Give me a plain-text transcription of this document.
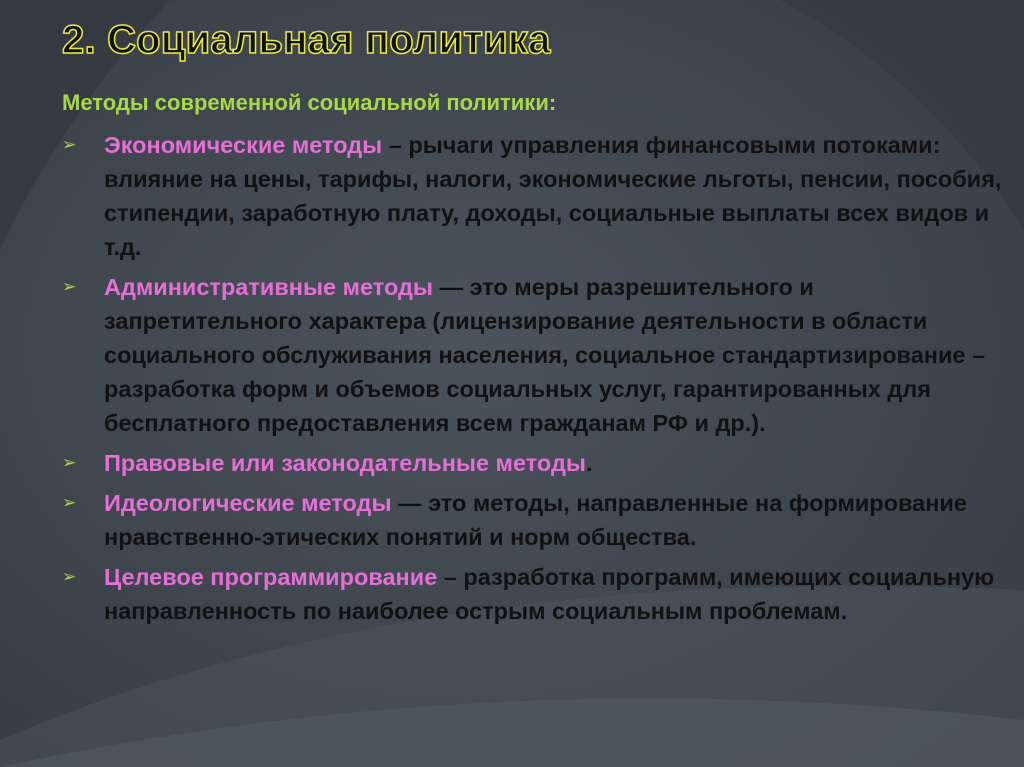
2. Социальная политика
Методы современной социальной политики:
➢ Экономические методы – рычаги управления финансовыми потоками: влияние на цены, тарифы, налоги, экономические льготы, пенсии, пособия, стипендии, заработную плату, доходы, социальные выплаты всех видов и т.д.
➢ Административные методы — это меры разрешительного и запретительного характера (лицензирование деятельности в области социального обслуживания населения, социальное стандартизирование – разработка форм и объемов социальных услуг, гарантированных для бесплатного предоставления всем гражданам РФ и др.).
➢ Правовые или законодательные методы.
➢ Идеологические методы — это методы, направленные на формирование нравственно-этических понятий и норм общества.
➢ Целевое программирование – разработка программ, имеющих социальную направленность по наиболее острым социальным проблемам.
